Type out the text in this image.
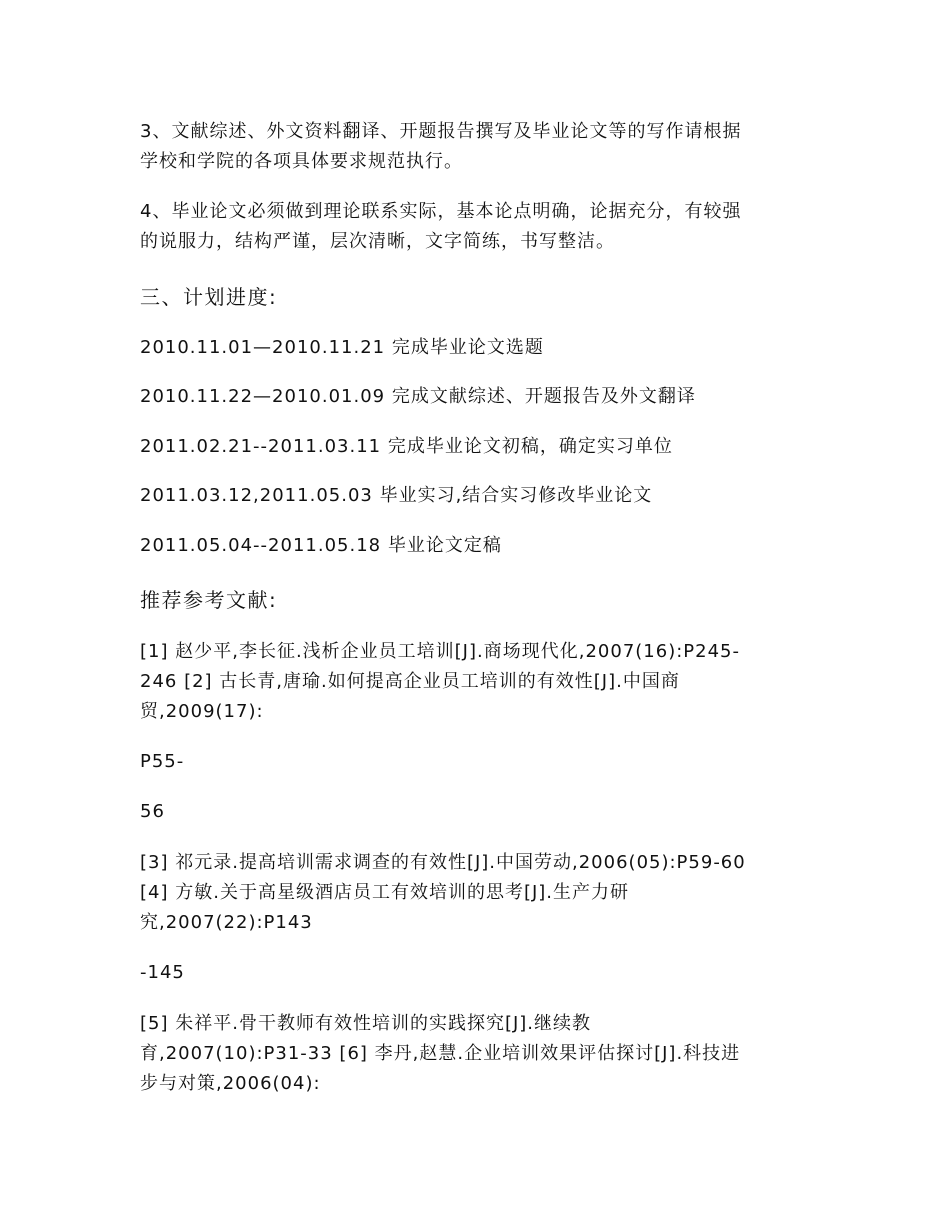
3、文献综述、外文资料翻译、开题报告撰写及毕业论文等的写作请根据
学校和学院的各项具体要求规范执行。
4、毕业论文必须做到理论联系实际，基本论点明确，论据充分，有较强
的说服力，结构严谨，层次清晰，文字简练，书写整洁。
三、计划进度:
2010.11.01—2010.11.21 完成毕业论文选题
2010.11.22—2010.01.09 完成文献综述、开题报告及外文翻译
2011.02.21--2011.03.11 完成毕业论文初稿，确定实习单位
2011.03.12,2011.05.03 毕业实习,结合实习修改毕业论文
2011.05.04--2011.05.18 毕业论文定稿
推荐参考文献:
[1] 赵少平,李长征.浅析企业员工培训[J].商场现代化,2007(16):P245-
246 [2] 古长青,唐瑜.如何提高企业员工培训的有效性[J].中国商
贸,2009(17):
P55-
56
[3] 祁元录.提高培训需求调查的有效性[J].中国劳动,2006(05):P59-60
[4] 方敏.关于高星级酒店员工有效培训的思考[J].生产力研
究,2007(22):P143
-145
[5] 朱祥平.骨干教师有效性培训的实践探究[J].继续教
育,2007(10):P31-33 [6] 李丹,赵慧.企业培训效果评估探讨[J].科技进
步与对策,2006(04):
